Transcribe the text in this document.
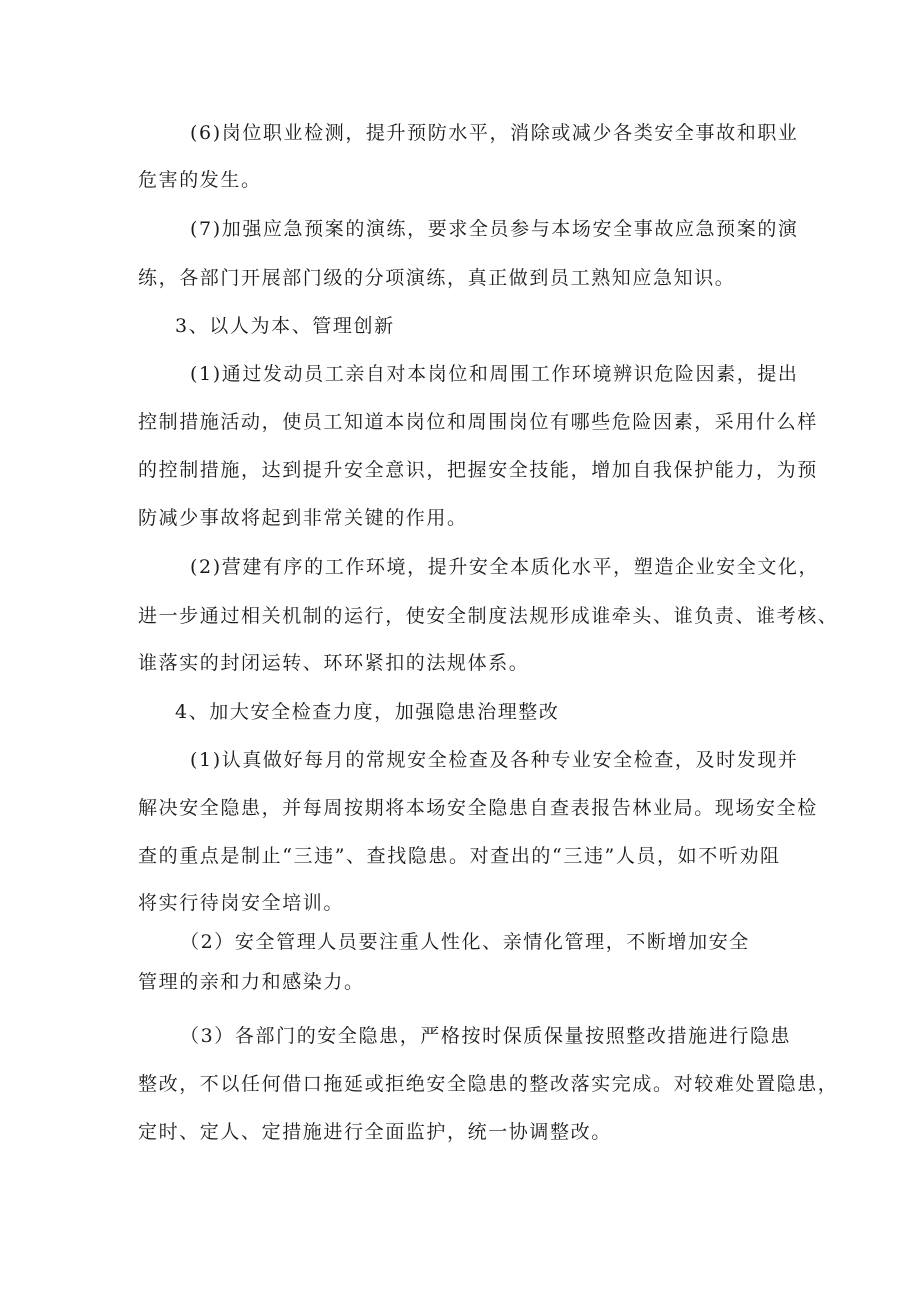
(6)岗位职业检测，提升预防水平，消除或减少各类安全事故和职业

危害的发生。

(7)加强应急预案的演练，要求全员参与本场安全事故应急预案的演

练，各部门开展部门级的分项演练，真正做到员工熟知应急知识。

3、以人为本、管理创新

(1)通过发动员工亲自对本岗位和周围工作环境辨识危险因素，提出

控制措施活动，使员工知道本岗位和周围岗位有哪些危险因素，采用什么样

的控制措施，达到提升安全意识，把握安全技能，增加自我保护能力，为预

防减少事故将起到非常关键的作用。

(2)营建有序的工作环境，提升安全本质化水平，塑造企业安全文化，

进一步通过相关机制的运行，使安全制度法规形成谁牵头、谁负责、谁考核、

谁落实的封闭运转、环环紧扣的法规体系。

4、加大安全检查力度，加强隐患治理整改

(1)认真做好每月的常规安全检查及各种专业安全检查，及时发现并

解决安全隐患，并每周按期将本场安全隐患自查表报告林业局。现场安全检

查的重点是制止“三违”、查找隐患。对查出的“三违”人员，如不听劝阻

将实行待岗安全培训。

（2）安全管理人员要注重人性化、亲情化管理，不断增加安全

管理的亲和力和感染力。

（3）各部门的安全隐患，严格按时保质保量按照整改措施进行隐患

整改，不以任何借口拖延或拒绝安全隐患的整改落实完成。对较难处置隐患，

定时、定人、定措施进行全面监护，统一协调整改。
